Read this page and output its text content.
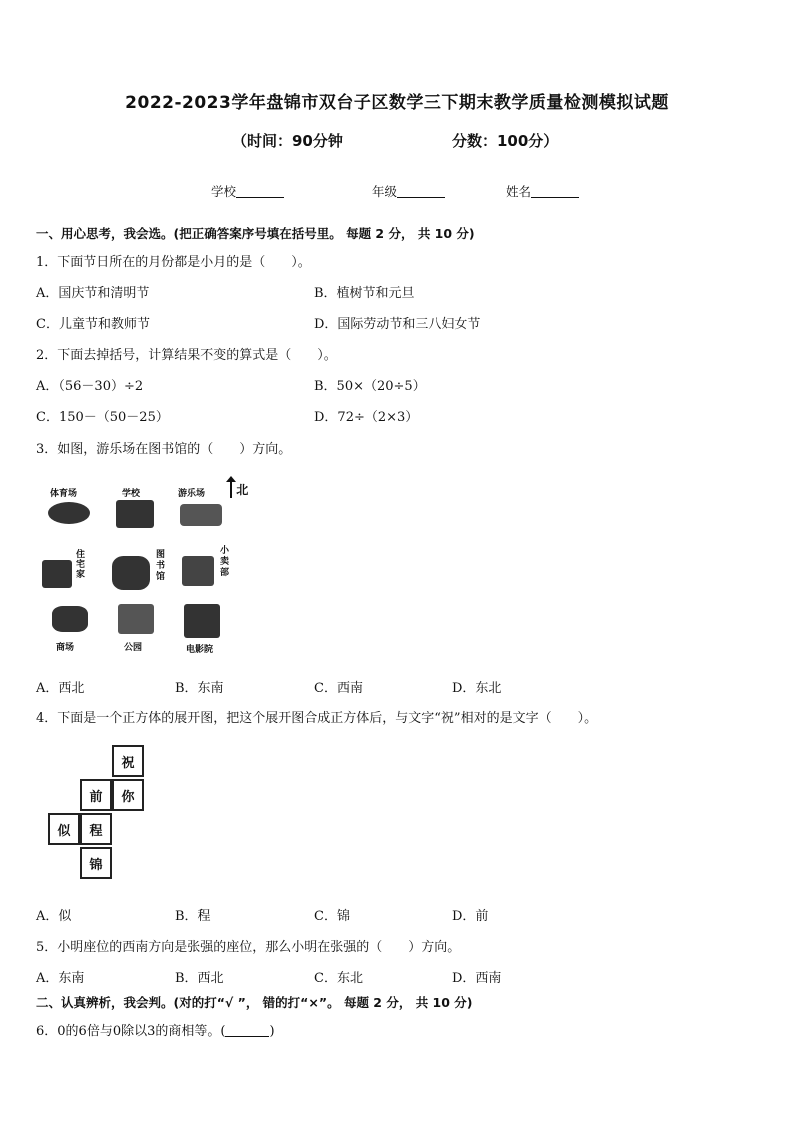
2022-2023学年盘锦市双台子区数学三下期末教学质量检测模拟试题
（时间：90分钟	分数：100分）
学校	年级	姓名
一、用心思考，我会选。(把正确答案序号填在括号里。 每题 2 分， 共 10 分)
1．下面节日所在的月份都是小月的是（　　）。
A．国庆节和清明节	B．植树节和元旦
C．儿童节和教师节	D．国际劳动节和三八妇女节
2．下面去掉括号，计算结果不变的算式是（　　）。
A．（56－30）÷2	B．50×（20÷5）
C．150－（50－25）	D．72÷（2×3）
3．如图，游乐场在图书馆的（　　）方向。
体育场	学校	游乐场
住宅家
图书馆
小卖部
商场	公园	电影院
北
A．西北	B．东南	C．西南	D．东北
4．下面是一个正方体的展开图，把这个展开图合成正方体后，与文字“祝”相对的是文字（　　）。
祝
前	你
似	程
锦
A．似	B．程	C．锦	D．前
5．小明座位的西南方向是张强的座位，那么小明在张强的（　　）方向。
A．东南	B．西北	C．东北	D．西南
二、认真辨析，我会判。(对的打“√ ”， 错的打“×”。 每题 2 分， 共 10 分)
6．0的6倍与0除以3的商相等。(	)
